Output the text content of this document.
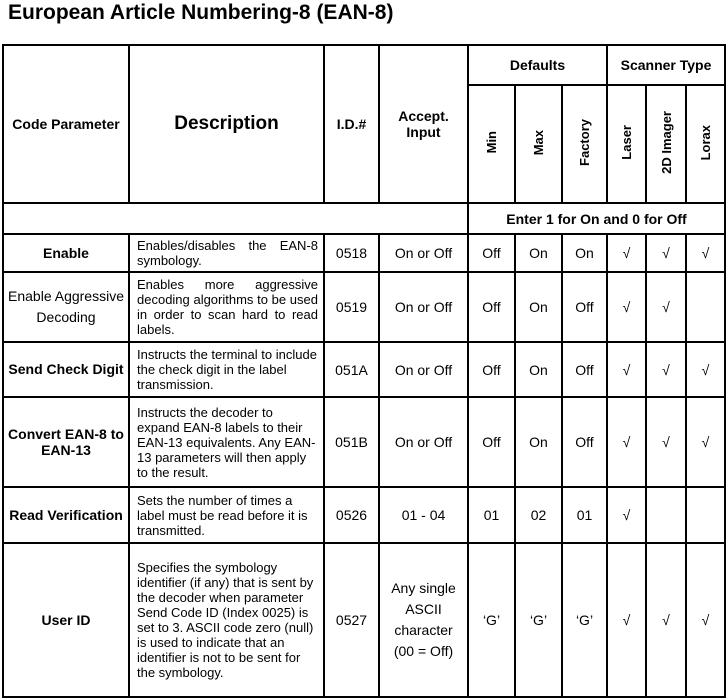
European Article Numbering-8 (EAN-8)
Code Parameter	Description	I.D.#	Accept. Input	Defaults			Scanner Type		
				Min	Max	Factory	Laser	2D Imager	Lorax
				Enter 1 for On and 0 for Off					
Enable	Enables/disables the EAN-8 symbology.	0518	On or Off	Off	On	On	√	√	√
Enable Aggressive Decoding	Enables more aggressive decoding algorithms to be used in order to scan hard to read labels.	0519	On or Off	Off	On	Off	√	√	
Send Check Digit	Instructs the terminal to include the check digit in the label transmission.	051A	On or Off	Off	On	Off	√	√	√
Convert EAN-8 to EAN-13	Instructs the decoder to expand EAN-8 labels to their EAN-13 equivalents. Any EAN-13 parameters will then apply to the result.	051B	On or Off	Off	On	Off	√	√	√
Read Verification	Sets the number of times a label must be read before it is transmitted.	0526	01 - 04	01	02	01	√		
User ID	Specifies the symbology identifier (if any) that is sent by the decoder when parameter Send Code ID (Index 0025) is set to 3. ASCII code zero (null) is used to indicate that an identifier is not to be sent for the symbology.	0527	Any single ASCII character (00 = Off)	‘G’	‘G’	‘G’	√	√	√
